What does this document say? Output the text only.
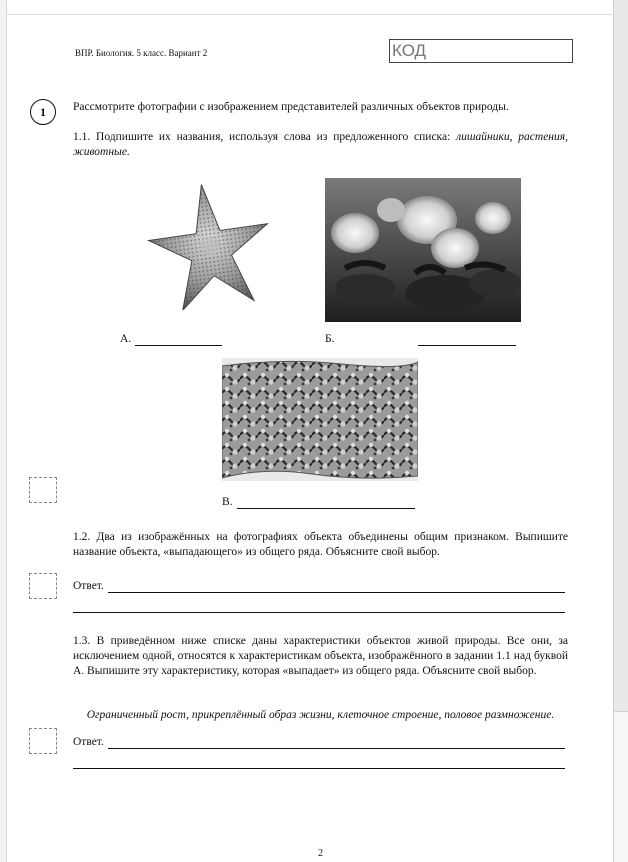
ВПР. Биология. 5 класс. Вариант 2	КОД
1	Рассмотрите фотографии с изображением представителей различных объектов природы.
1.1. Подпишите их названия, используя слова из предложенного списка: лишайники, растения, животные.
А.	Б.
В.
1.2. Два из изображённых на фотографиях объекта объединены общим признаком. Выпишите название объекта, «выпадающего» из общего ряда. Объясните свой выбор.
Ответ.
1.3. В приведённом ниже списке даны характеристики объектов живой природы. Все они, за исключением одной, относятся к характеристикам объекта, изображённого в задании 1.1 над буквой А. Выпишите эту характеристику, которая «выпадает» из общего ряда. Объясните свой выбор.
Ограниченный рост, прикреплённый образ жизни, клеточное строение, половое размножение.
Ответ.
2
